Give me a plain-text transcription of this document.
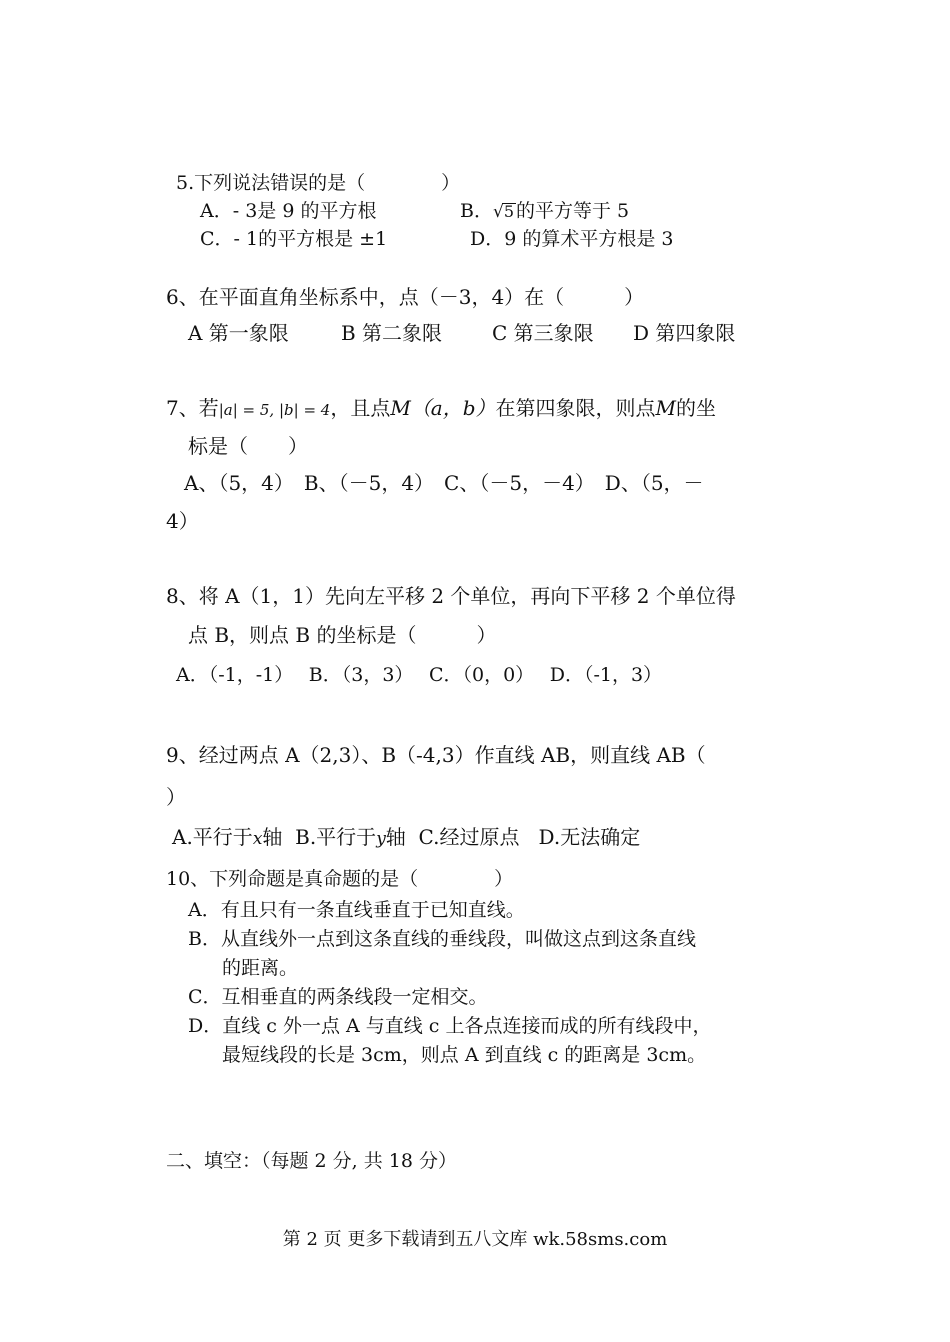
5.下列说法错误的是（　　　　）
A．- 3是 9 的平方根	B．√5 的平方等于 5
C．- 1的平方根是 ±1	D．9 的算术平方根是 3
6、在平面直角坐标系中，点（－3，4）在（　　　）
A 第一象限	B 第二象限 C 第三象限 D 第四象限
7、若|a| = 5, |b| = 4，且点M（a，b）在第四象限，则点M的坐
标是（　　）
A、（5，4）　B、（－5，4）　C、（－5，－4）　D、（5，－
4）
8、将 A（1，1）先向左平移 2 个单位，再向下平移 2 个单位得
点 B，则点 B 的坐标是（　　　）
A．（-1，-1）　 B．（3，3）　 C．（0，0）　 D．（-1，3）
9、经过两点 A（2,3）、B（-4,3）作直线 AB，则直线 AB（
）
A.平行于x轴 B.平行于y轴 C.经过原点 D.无法确定
10、下列命题是真命题的是（　　　　）
A．有且只有一条直线垂直于已知直线。
B．从直线外一点到这条直线的垂线段，叫做这点到这条直线
的距离。
C．互相垂直的两条线段一定相交。
D．直线 c 外一点 A 与直线 c 上各点连接而成的所有线段中，
最短线段的长是 3cm，则点 A 到直线 c 的距离是 3cm。
二、填空：（每题 2 分, 共 18 分）
第 2 页 更多下载请到五八文库 wk.58sms.com
